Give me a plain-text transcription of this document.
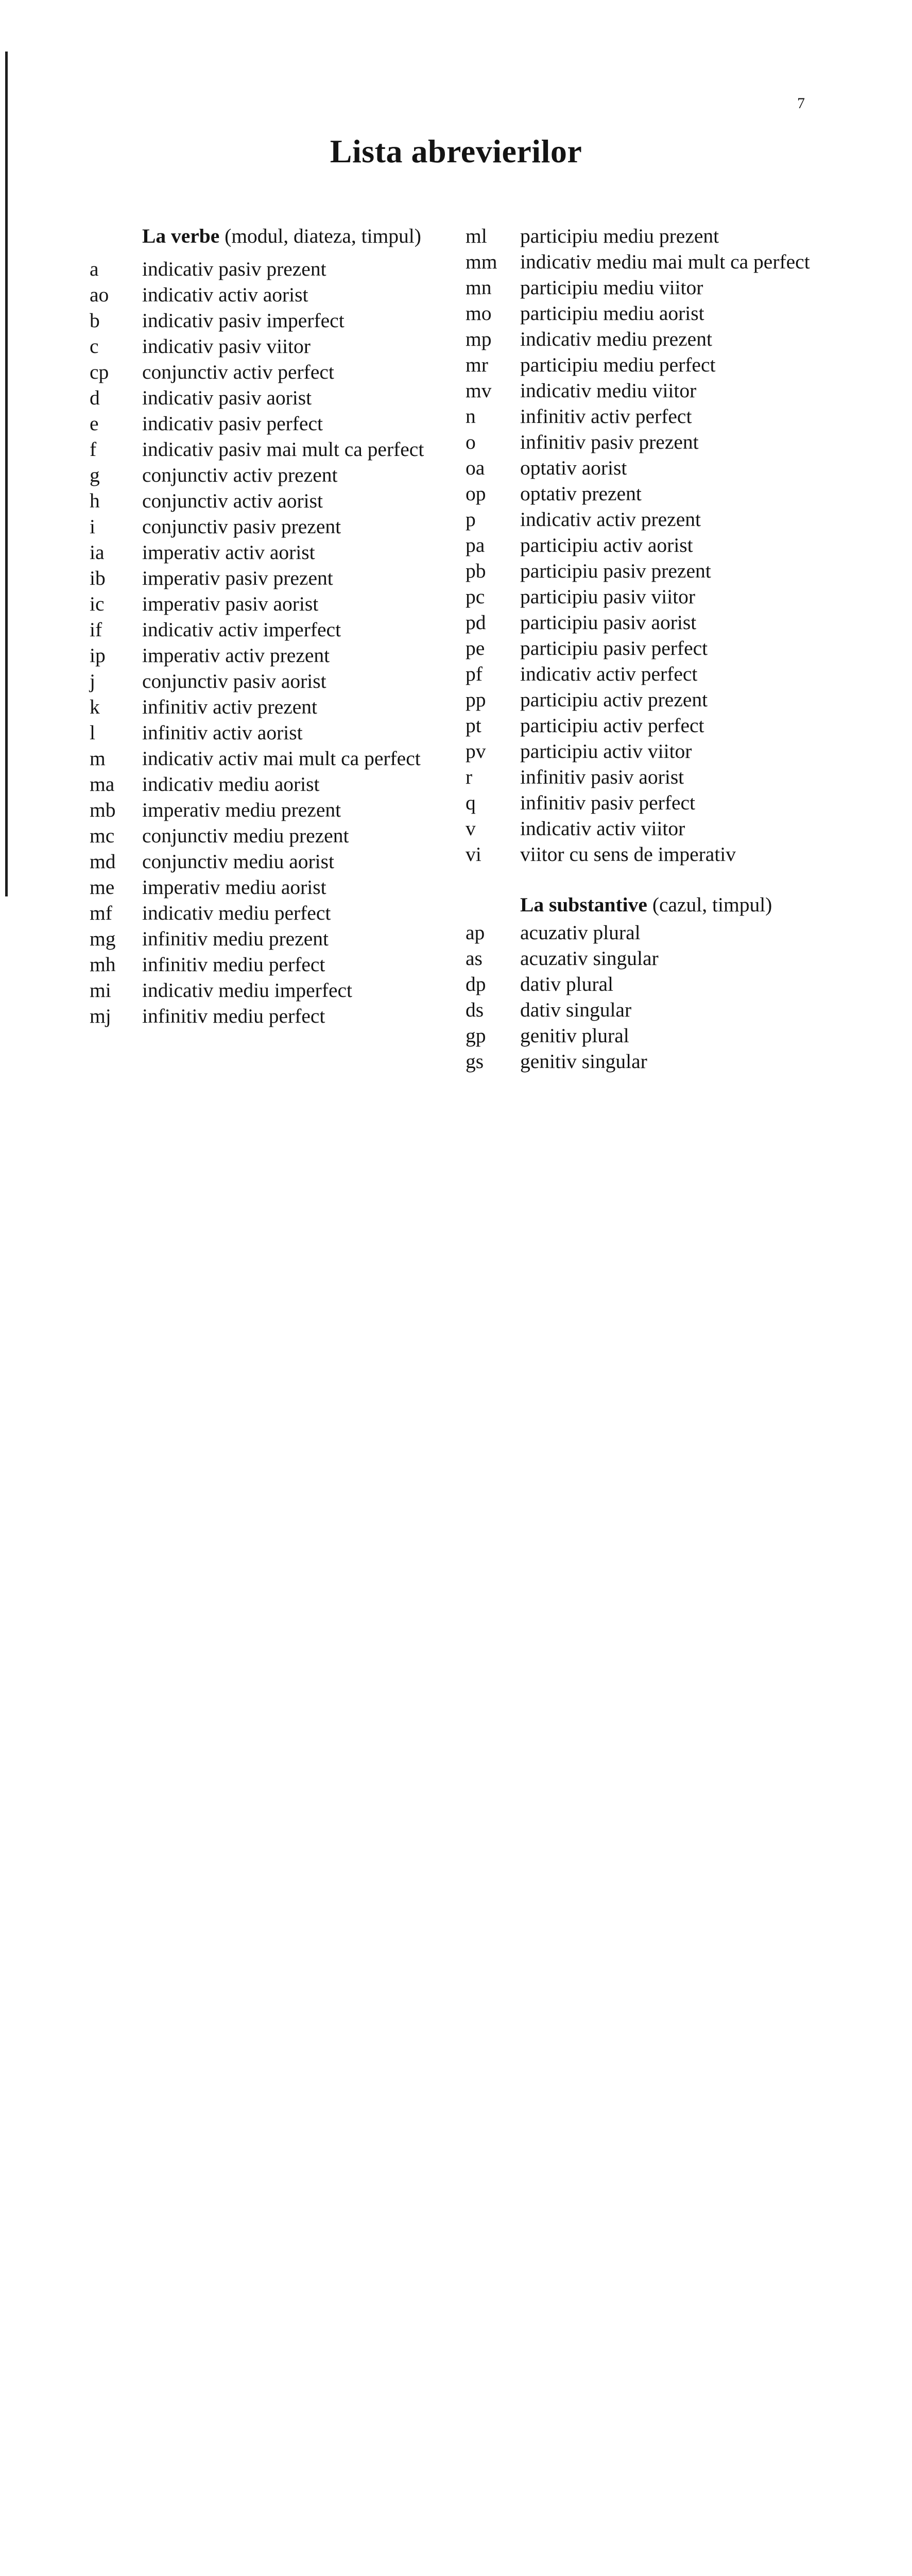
7
Lista abrevierilor
La verbe (modul, diateza, timpul)
a	indicativ pasiv prezent
ao	indicativ activ aorist
b	indicativ pasiv imperfect
c	indicativ pasiv viitor
cp	conjunctiv activ perfect
d	indicativ pasiv aorist
e	indicativ pasiv perfect
f	indicativ pasiv mai mult ca perfect
g	conjunctiv activ prezent
h	conjunctiv activ aorist
i	conjunctiv pasiv prezent
ia	imperativ activ aorist
ib	imperativ pasiv prezent
ic	imperativ pasiv aorist
if	indicativ activ imperfect
ip	imperativ activ prezent
j	conjunctiv pasiv aorist
k	infinitiv activ prezent
l	infinitiv activ aorist
m	indicativ activ mai mult ca perfect
ma	indicativ mediu aorist
mb	imperativ mediu prezent
mc	conjunctiv mediu prezent
md	conjunctiv mediu aorist
me	imperativ mediu aorist
mf	indicativ mediu perfect
mg	infinitiv mediu prezent
mh	infinitiv mediu perfect
mi	indicativ mediu imperfect
mj	infinitiv mediu perfect
ml	participiu mediu prezent
mm	indicativ mediu mai mult ca perfect
mn	participiu mediu viitor
mo	participiu mediu aorist
mp	indicativ mediu prezent
mr	participiu mediu perfect
mv	indicativ mediu viitor
n	infinitiv activ perfect
o	infinitiv pasiv prezent
oa	optativ aorist
op	optativ prezent
p	indicativ activ prezent
pa	participiu activ aorist
pb	participiu pasiv prezent
pc	participiu pasiv viitor
pd	participiu pasiv aorist
pe	participiu pasiv perfect
pf	indicativ activ perfect
pp	participiu activ prezent
pt	participiu activ perfect
pv	participiu activ viitor
r	infinitiv pasiv aorist
q	infinitiv pasiv perfect
v	indicativ activ viitor
vi	viitor cu sens de imperativ
La substantive (cazul, timpul)
ap	acuzativ plural
as	acuzativ singular
dp	dativ plural
ds	dativ singular
gp	genitiv plural
gs	genitiv singular
